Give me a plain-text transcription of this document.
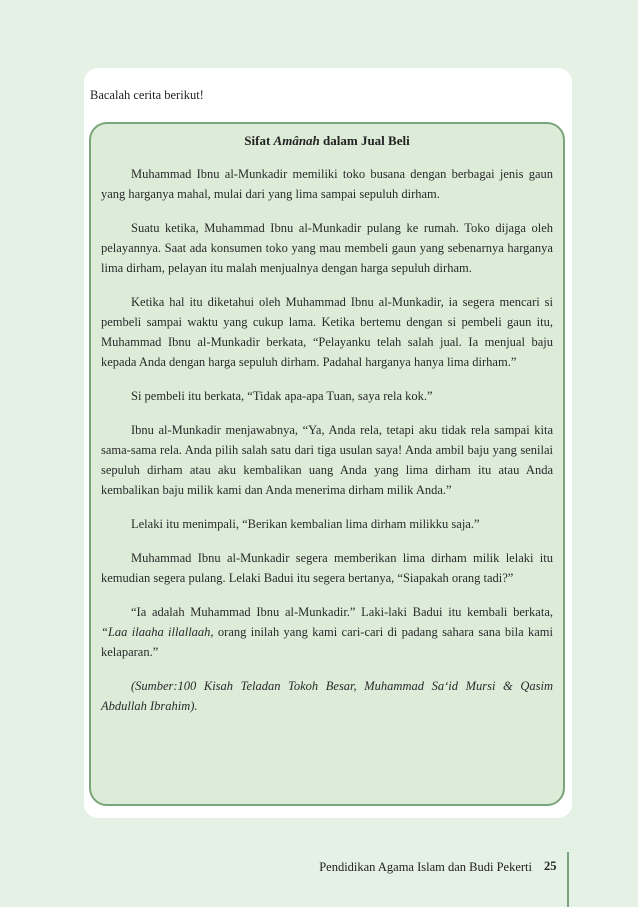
Bacalah cerita berikut!
Sifat Amânah dalam Jual Beli

Muhammad Ibnu al-Munkadir memiliki toko busana dengan berbagai jenis gaun yang harganya mahal, mulai dari yang lima sampai sepuluh dirham.

Suatu ketika, Muhammad Ibnu al-Munkadir pulang ke rumah. Toko dijaga oleh pelayannya. Saat ada konsumen toko yang mau membeli gaun yang sebenarnya harganya lima dirham, pelayan itu malah menjualnya dengan harga sepuluh dirham.

Ketika hal itu diketahui oleh Muhammad Ibnu al-Munkadir, ia segera mencari si pembeli sampai waktu yang cukup lama. Ketika bertemu dengan si pembeli gaun itu, Muhammad Ibnu al-Munkadir berkata, “Pelayanku telah salah jual. Ia menjual baju kepada Anda dengan harga sepuluh dirham. Padahal harganya hanya lima dirham.”

Si pembeli itu berkata, “Tidak apa-apa Tuan, saya rela kok.”

Ibnu al-Munkadir menjawabnya, “Ya, Anda rela, tetapi aku tidak rela sampai kita sama-sama rela. Anda pilih salah satu dari tiga usulan saya! Anda ambil baju yang senilai sepuluh dirham atau aku kembalikan uang Anda yang lima dirham itu atau Anda kembalikan baju milik kami dan Anda menerima dirham milik Anda.”

Lelaki itu menimpali, “Berikan kembalian lima dirham milikku saja.”

Muhammad Ibnu al-Munkadir segera memberikan lima dirham milik lelaki itu kemudian segera pulang. Lelaki Badui itu segera bertanya, “Siapakah orang tadi?”

“Ia adalah Muhammad Ibnu al-Munkadir.” Laki-laki Badui itu kembali berkata, “Laa ilaaha illallaah, orang inilah yang kami cari-cari di padang sahara sana bila kami kelaparan.”

(Sumber:100 Kisah Teladan Tokoh Besar, Muhammad Sa‘id Mursi & Qasim Abdullah Ibrahim).

Pendidikan Agama Islam dan Budi Pekerti 25
